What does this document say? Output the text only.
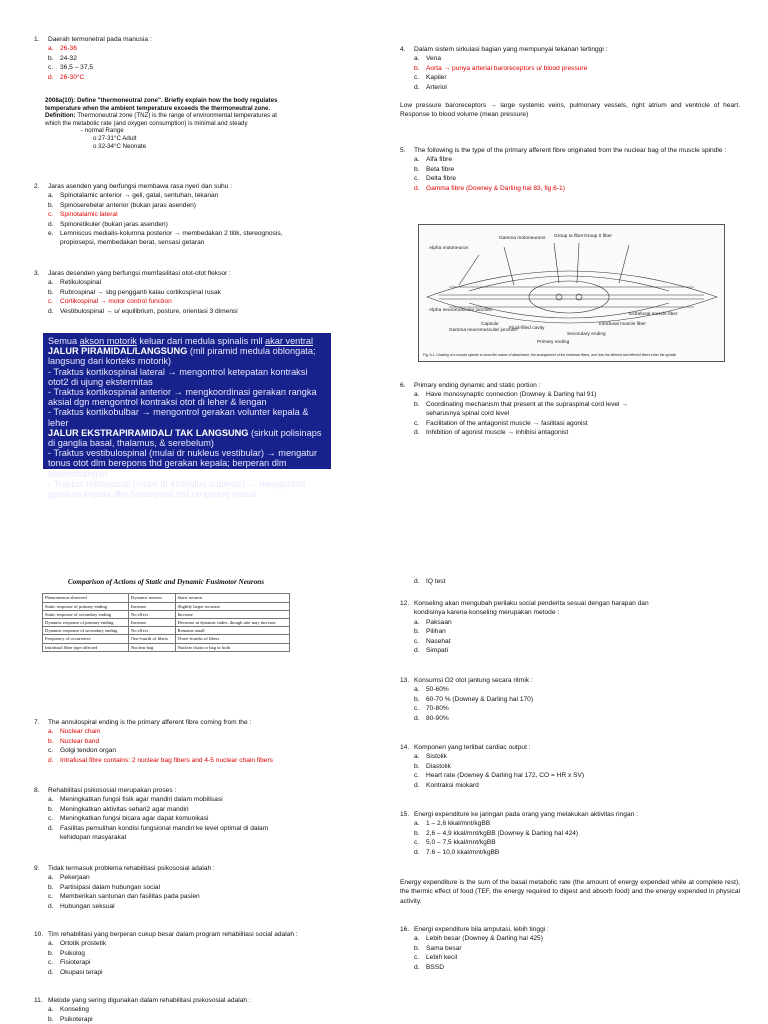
1. Daerah termonetral pada manusia :
a. 26-36
b. 24-32
c. 36,5 – 37,5
d. 26-30°C
2008a(10): Define "thermoneutral zone". Briefly explain how the body regulates temperature when the ambient temperature exceeds the thermoneutral zone.
Definition: Thermoneutral zone (TNZ) is the range of environmental temperatures at which the metabolic rate (and oxygen consumption) is minimal and steady
- normal Range
o 27-31°C Adult
o 32-34°C Neonate
2. Jaras asenden yang berfungsi membawa rasa nyeri dan suhu :
a. Spinotalamic anterior → geli, gatal, sentuhan, tekanan
b. Spinoserebelar anterior (bukan jaras asenden)
c. Spinotalamic lateral
d. Spinoretikuler (bukan jaras asenden)
e. Lemniscus medialis-kolumna posterior → membedakan 2 titik, stereognosis,
propiosepsi, membedakan berat, sensasi getaran
3. Jaras desenden yang berfungsi memfasilitasi otot-otot fleksor :
a. Retikulospinal
b. Rubrospinal → sbg pengganti kalau cortikospinal rusak
c. Cortikospinal → motor control function
d. Vestibulospinal → u/ equilibrium, posture, orientasi 3 dimensi
Semua akson motorik keluar dari medula spinalis mll akar ventral
JALUR PIRAMIDAL/LANGSUNG (mll piramid medula oblongata; langsung dari korteks motorik)
- Traktus kortikospinal lateral → mengontrol ketepatan kontraksi otot2 di ujung ekstermitas
- Traktus kortikospinal anterior → mengkoordinasi gerakan rangka aksial dgn mengontrol kontraksi otot di leher & lengan
- Traktus kortikobulbar → mengontrol gerakan volunter kepala & leher
JALUR EKSTRAPIRAMIDAL/ TAK LANGSUNG (sirkuit polisinaps di ganglia basal, thalamus, & serebelum)
- Traktus vestibulospinal (mulai dr nukleus vestibular) → mengatur tonus otot dlm berepons thd gerakan kepala; berperan dlm keseimbangan
- Traktus tektospinal (mulai dr kolikulus superior) → mengontrol gerakan kepala dlm berespons thd rangsang visual
Comparison of Actions of Static and Dynamic Fusimotor Neurons
Phenomenon observed	Dynamic neuron	Static neuron
Static response of primary ending	Increase	Slightly larger increase
Static response of secondary ending	No effect	Increase
Dynamic response of primary ending	Increase	Decrease in dynamic index, though rate may increase
Dynamic response of secondary ending	No effect	Remains small
Frequency of occurrence	One-fourth of fibers	Three-fourths of fibers
Intrafusal fiber type affected	Nuclear bag	Nuclear chain or bag or both
7. The annulospiral ending is the primary afferent fibre coming from the :
a. Nuclear chain
b. Nuclear band
c. Golgi tendon organ
d. Intrafusal fibre contains: 2 nuclear bag fibers and 4-5 nuclear chain fibers
8. Rehabilitasi psikososial merupakan proses :
a. Meningkatkan fungsi fisik agar mandiri dalam mobilisasi
b. Meningkatkan aktivitas sehari2 agar mandiri
c. Meningkatkan fungsi bicara agar dapat komunikasi
d. Fasilitas pemulihan kondisi fungsional mandiri ke level optimal di dalam
kehidupan masyarakat
9. Tidak termasuk problema rehabilitasi psikososial adalah :
a. Pekerjaan
b. Partisipasi dalam hubungan social
c. Memberikan santunan dan fasilitas pada pasien
d. Hubungan seksual
10. Tim rehabilitasi yang berperan cukup besar dalam program rehabilitasi social adalah :
a. Ortotik prostetik
b. Psikolog
c. Fisioterapi
d. Okupasi terapi
11. Metode yang sering digunakan dalam rehabilitasi psikososial adalah :
a. Konseling
b. Psikoterapi
4. Dalam sistem sirkulasi bagian yang mempunyai tekanan tertinggi :
a. Vena
b. Aorta → punya arterial baroreceptors u/ blood pressure
c. Kapiler
d. Arteriol
Low pressure baroreceptors → large systemic veins, pulmonary vessels, right atrium and ventricle of heart. Response to blood volume (mean pressure)
5. The following is the type of the primary afferent fibre originated from the nuclear bag of the muscle spindle :
a. Alfa fibre
b. Beta fibre
c. Delta fibre
d. Gamma fibre (Downey & Darling hal 83, fig.6-1)
Gamma motoneurons
Alpha motoneuron
Group Ia fiber Group II fiber
Alpha neuromuscular junction
Gamma neuromuscular junction
Capsule
Fluid-filled cavity
Primary ending
Secondary ending
Intrafusal muscle fiber
Extrafusal muscle fiber
Fig. 6-1. Drawing of a muscle spindle to show the nature of attachment, the arrangement of the intrafusal fibers, and how the afferent and efferent fibers enter the spindle.
6. Primary ending dynamic and static portion :
a. Have monosynaptic connection (Downey & Darling hal 91)
b. Coordinating mechanism that present at the supraspinal cord level →
seharusnya spinal cord level
c. Facilitation of the antagonist muscle → fasilitasi agonist
d. Inhibition of agonist muscle → inhibisi antagonist
d. IQ test
12. Konseling akan mengubah perilaku social penderita sesuai dengan harapan dan
kondisinya karena konseling merupakan metode :
a. Paksaan
b. Pilihan
c. Nasehat
d. Simpati
13. Konsumsi O2 otot jantung secara ritmik :
a. 50-60%
b. 60-70 % (Downey & Darling hal 170)
c. 70-80%
d. 80-90%
14. Komponen yang terlibat cardiac output :
a. Sistolik
b. Diastolik
c. Heart rate (Downey & Darling hal 172, CO = HR x SV)
d. Kontraksi miokard
15. Energi expenditure ke jaringan pada orang yang melakukan aktivitas ringan :
a. 1 – 2,6 kkal/mnt/kgBB
b. 2,6 – 4,9 kkal/mnt/kgBB (Downey & Darling hal 424)
c. 5,0 – 7,5 kkal/mnt/kgBB
d. 7.6 – 10,0 kkal/mnt/kgBB
Energy expenditure is the sum of the basal metabolic rate (the amount of energy expended while at complete rest), the thermic effect of food (TEF, the energy required to digest and absorb food) and the energy expended in physical activity.
16. Energi expenditure bila amputasi, lebih tinggi :
a. Lebih besar (Downey & Darling hal 425)
b. Sama besar
c. Lebih kecil
d. BSSD
